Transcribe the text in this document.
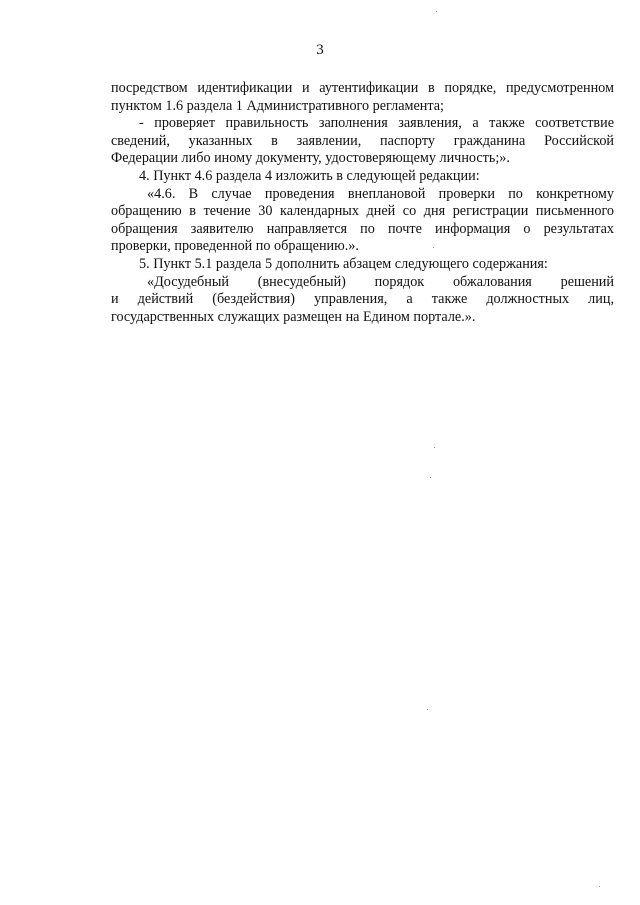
3

посредством идентификации и аутентификации в порядке, предусмотренном
пунктом 1.6 раздела 1 Административного регламента;

- проверяет правильность заполнения заявления, а также соответствие
сведений, указанных в заявлении, паспорту гражданина Российской
Федерации либо иному документу, удостоверяющему личность;».

4. Пункт 4.6 раздела 4 изложить в следующей редакции:

«4.6. В случае проведения внеплановой проверки по конкретному
обращению в течение 30 календарных дней со дня регистрации письменного
обращения заявителю направляется по почте информация о результатах
проверки, проведенной по обращению.».

5. Пункт 5.1 раздела 5 дополнить абзацем следующего содержания:

«Досудебный (внесудебный) порядок обжалования решений
и действий (бездействия) управления, а также должностных лиц,
государственных служащих размещен на Едином портале.».
